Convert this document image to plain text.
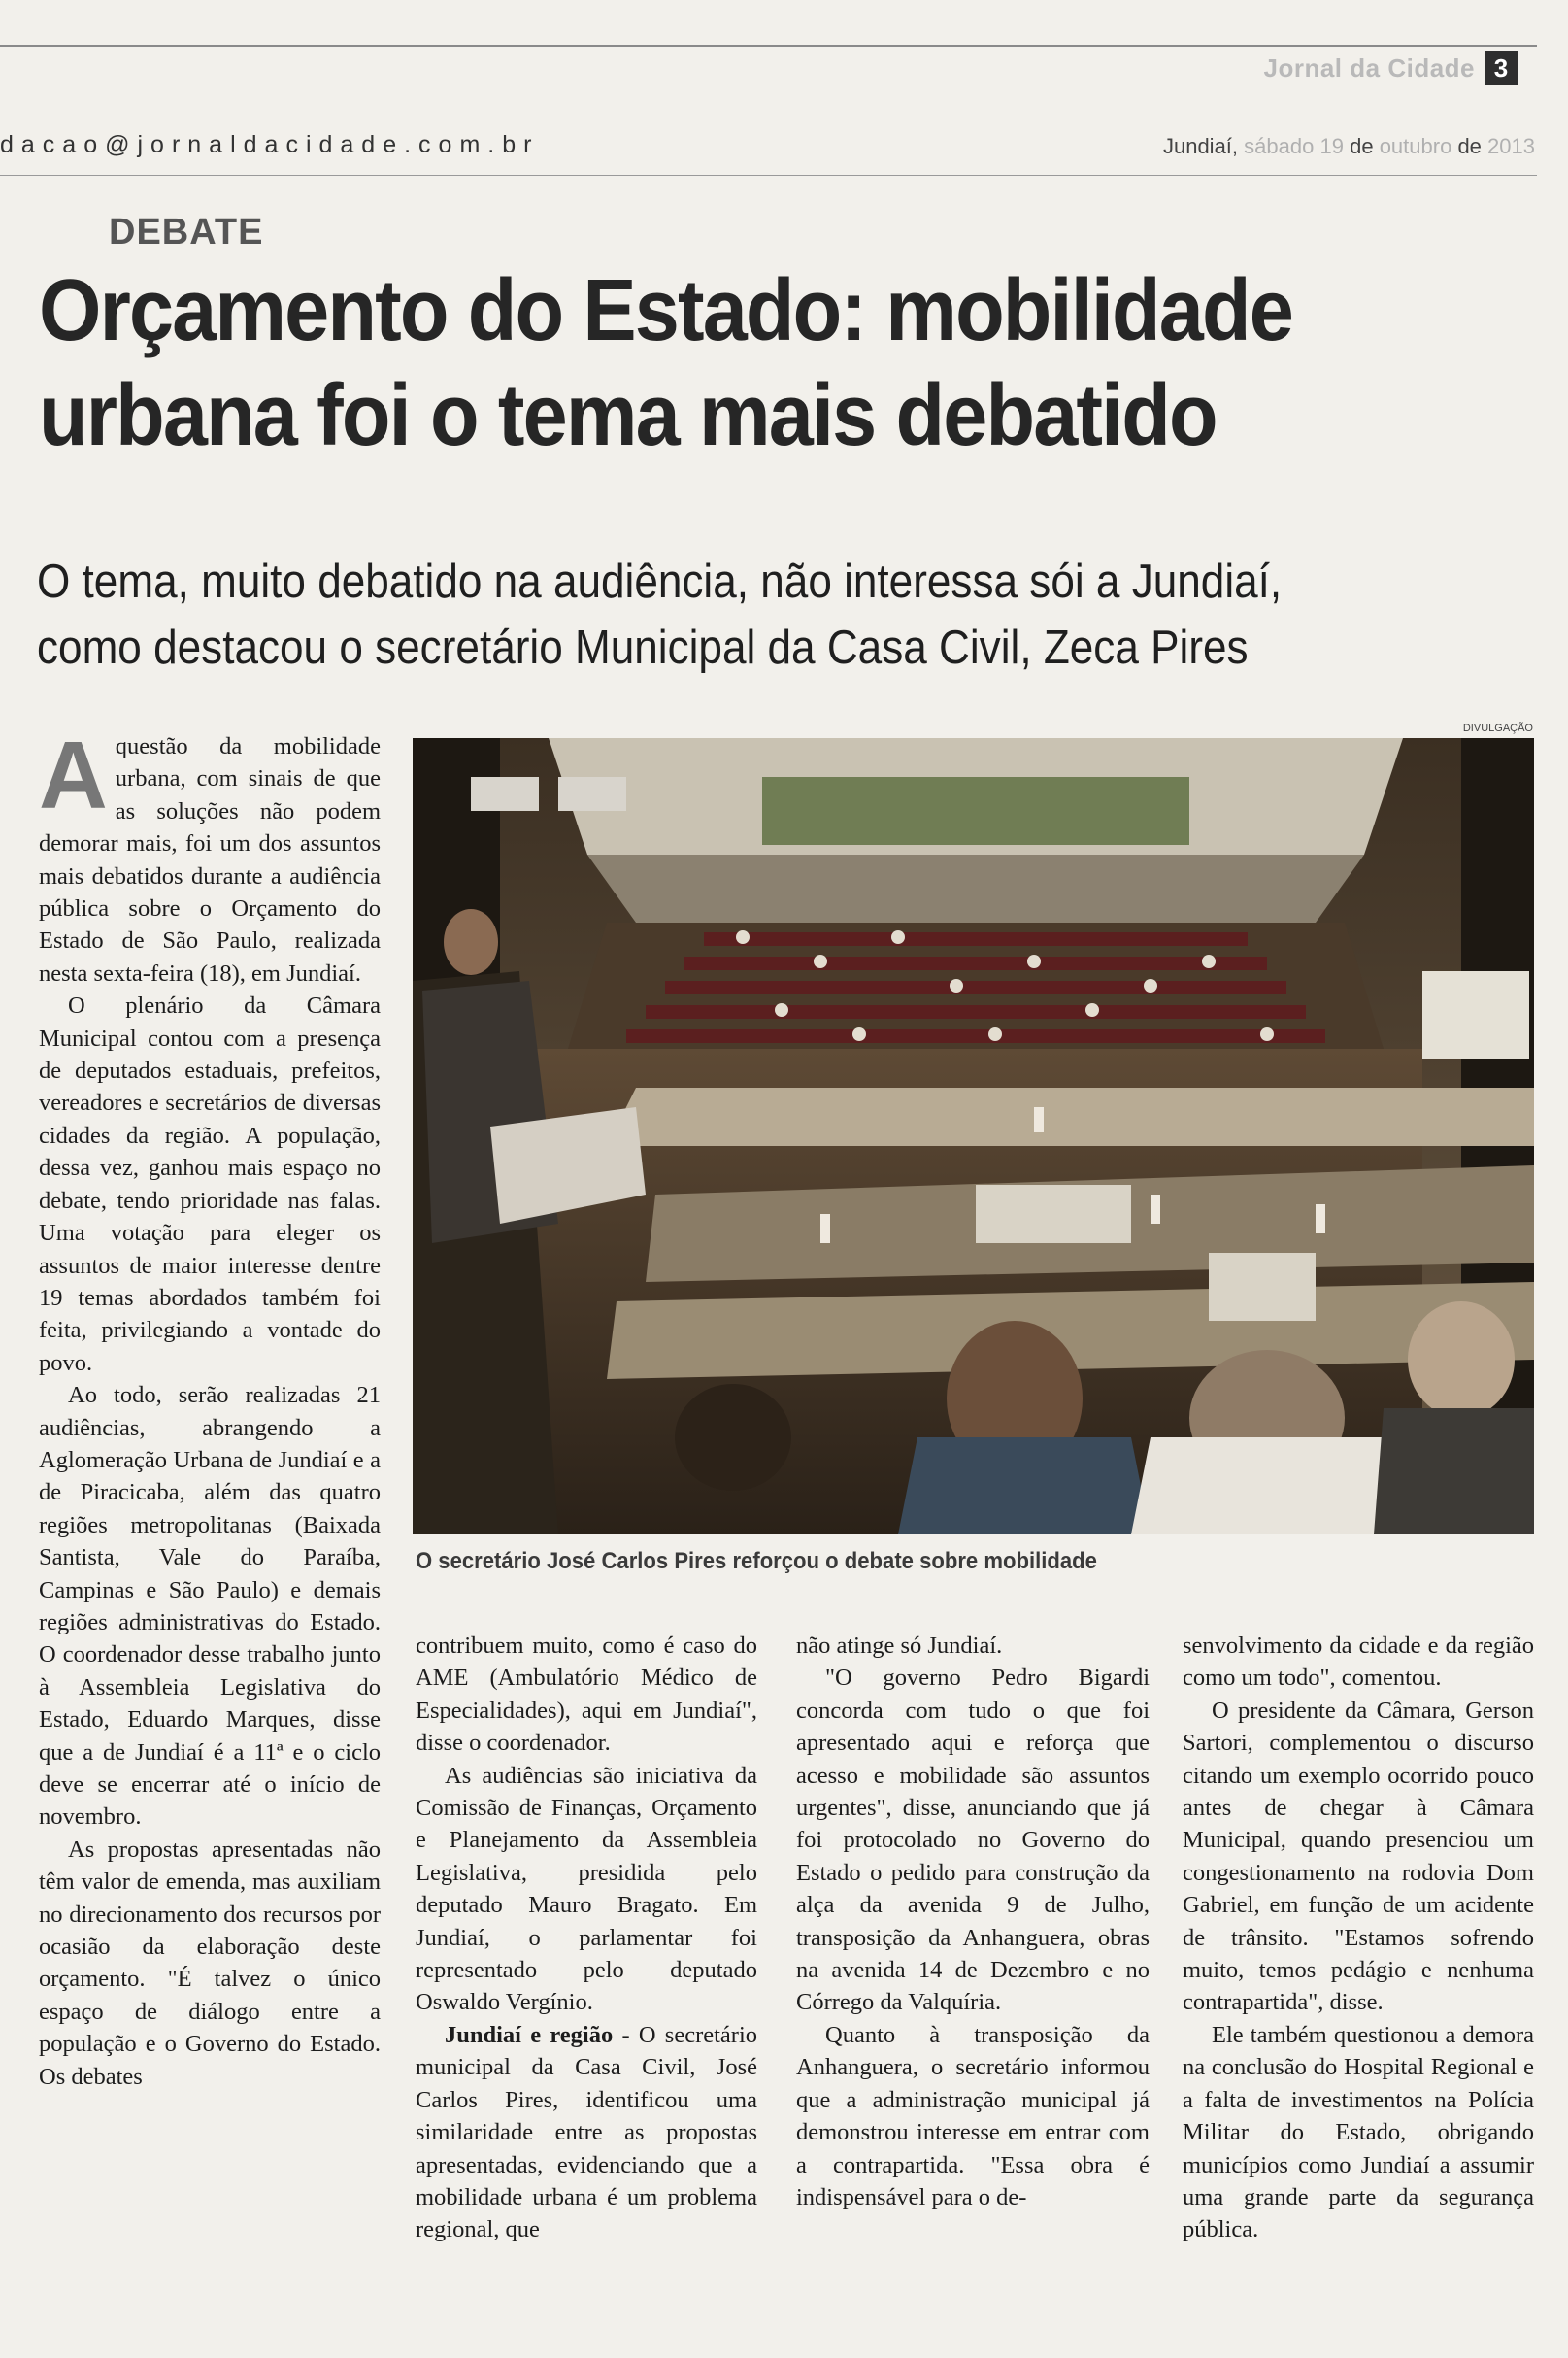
Jornal da Cidade 3
dacao@jornaldacidade.com.br	Jundiaí, sábado 19 de outubro de 2013
DEBATE
Orçamento do Estado: mobilidade
urbana foi o tema mais debatido

O tema, muito debatido na audiência, não interessa sói a Jundiaí,
como destacou o secretário Municipal da Casa Civil, Zeca Pires

DIVULGAÇÃO
O secretário José Carlos Pires reforçou o debate sobre mobilidade

Aquestão da mobilidade urbana, com sinais de que as soluções não podem demorar mais, foi um dos assuntos mais debatidos durante a audiência pública sobre o Orçamento do Estado de São Paulo, realizada nesta sexta-feira (18), em Jundiaí.

O plenário da Câmara Municipal contou com a presença de deputados estaduais, prefeitos, vereadores e secretários de diversas cidades da região. A população, dessa vez, ganhou mais espaço no debate, tendo prioridade nas falas. Uma votação para eleger os assuntos de maior interesse dentre 19 temas abordados também foi feita, privilegiando a vontade do povo.

Ao todo, serão realizadas 21 audiências, abrangendo a Aglomeração Urbana de Jundiaí e a de Piracicaba, além das quatro regiões metropolitanas (Baixada Santista, Vale do Paraíba, Campinas e São Paulo) e demais regiões administrativas do Estado. O coordenador desse trabalho junto à Assembleia Legislativa do Estado, Eduardo Marques, disse que a de Jundiaí é a 11ª e o ciclo deve se encerrar até o início de novembro.

As propostas apresentadas não têm valor de emenda, mas auxiliam no direcionamento dos recursos por ocasião da elaboração deste orçamento. "É talvez o único espaço de diálogo entre a população e o Governo do Estado. Os debates

contribuem muito, como é caso do AME (Ambulatório Médico de Especialidades), aqui em Jundiaí", disse o coordenador.

As audiências são iniciativa da Comissão de Finanças, Orçamento e Planejamento da Assembleia Legislativa, presidida pelo deputado Mauro Bragato. Em Jundiaí, o parlamentar foi representado pelo deputado Oswaldo Vergínio.

Jundiaí e região - O secretário municipal da Casa Civil, José Carlos Pires, identificou uma similaridade entre as propostas apresentadas, evidenciando que a mobilidade urbana é um problema regional, que

não atinge só Jundiaí.

"O governo Pedro Bigardi concorda com tudo o que foi apresentado aqui e reforça que acesso e mobilidade são assuntos urgentes", disse, anunciando que já foi protocolado no Governo do Estado o pedido para construção da alça da avenida 9 de Julho, transposição da Anhanguera, obras na avenida 14 de Dezembro e no Córrego da Valquíria.

Quanto à transposição da Anhanguera, o secretário informou que a administração municipal já demonstrou interesse em entrar com a contrapartida. "Essa obra é indispensável para o de-

senvolvimento da cidade e da região como um todo", comentou.

O presidente da Câmara, Gerson Sartori, complementou o discurso citando um exemplo ocorrido pouco antes de chegar à Câmara Municipal, quando presenciou um congestionamento na rodovia Dom Gabriel, em função de um acidente de trânsito. "Estamos sofrendo muito, temos pedágio e nenhuma contrapartida", disse.

Ele também questionou a demora na conclusão do Hospital Regional e a falta de investimentos na Polícia Militar do Estado, obrigando municípios como Jundiaí a assumir uma grande parte da segurança pública.
